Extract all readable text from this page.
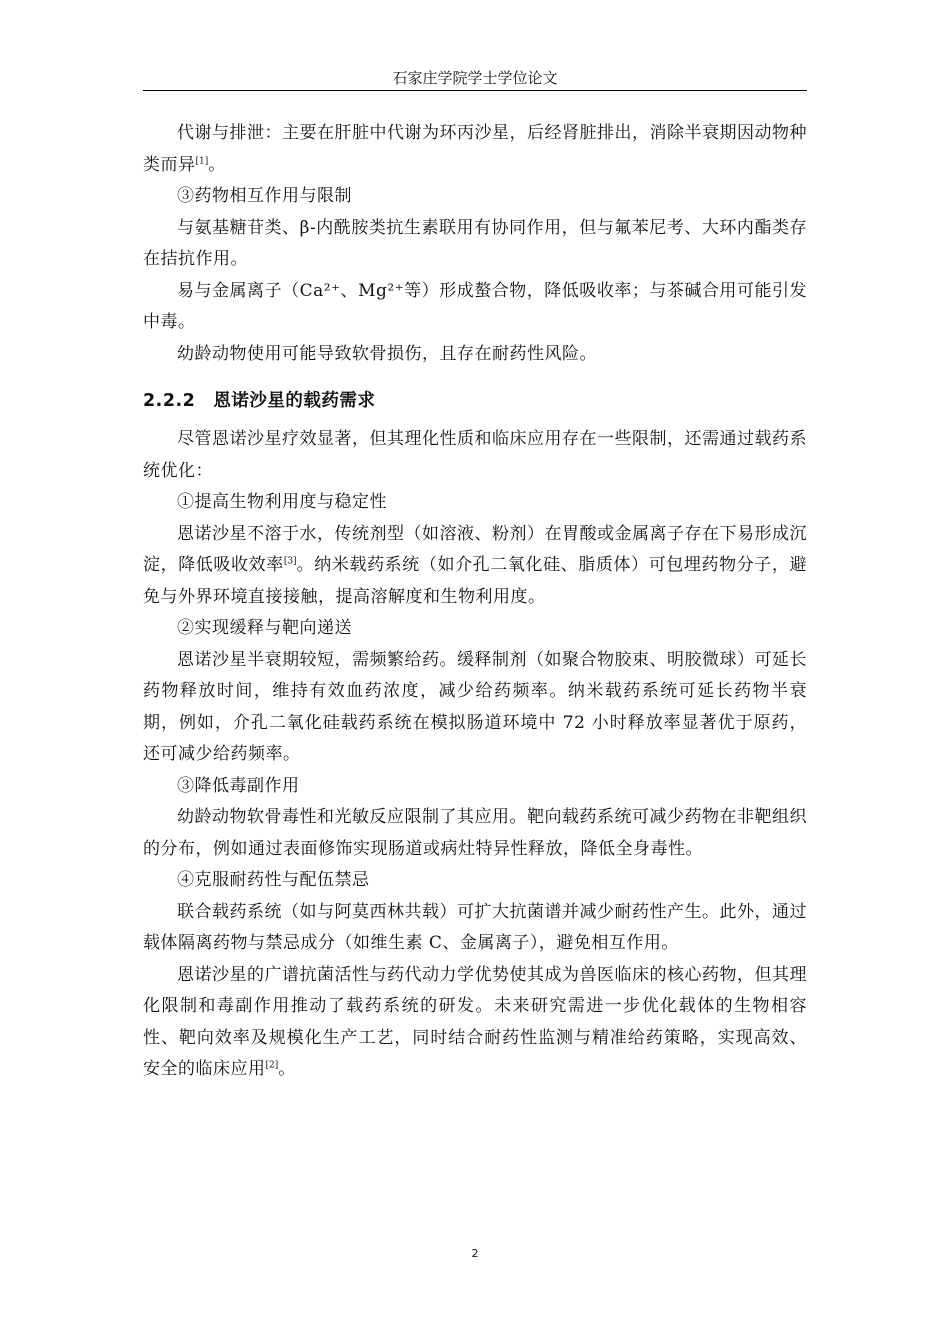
石家庄学院学士学位论文

代谢与排泄：主要在肝脏中代谢为环丙沙星，后经肾脏排出，消除半衰期因动物种类而异[1]。

③药物相互作用与限制

与氨基糖苷类、β-内酰胺类抗生素联用有协同作用，但与氟苯尼考、大环内酯类存在拮抗作用。

易与金属离子（Ca²⁺、Mg²⁺等）形成螯合物，降低吸收率；与茶碱合用可能引发中毒。

幼龄动物使用可能导致软骨损伤，且存在耐药性风险。

2.2.2 恩诺沙星的载药需求

尽管恩诺沙星疗效显著，但其理化性质和临床应用存在一些限制，还需通过载药系统优化：

①提高生物利用度与稳定性

恩诺沙星不溶于水，传统剂型（如溶液、粉剂）在胃酸或金属离子存在下易形成沉淀，降低吸收效率[3]。纳米载药系统（如介孔二氧化硅、脂质体）可包埋药物分子，避免与外界环境直接接触，提高溶解度和生物利用度。

②实现缓释与靶向递送

恩诺沙星半衰期较短，需频繁给药。缓释制剂（如聚合物胶束、明胶微球）可延长药物释放时间，维持有效血药浓度，减少给药频率。纳米载药系统可延长药物半衰期，例如，介孔二氧化硅载药系统在模拟肠道环境中 72 小时释放率显著优于原药，还可减少给药频率。

③降低毒副作用

幼龄动物软骨毒性和光敏反应限制了其应用。靶向载药系统可减少药物在非靶组织的分布，例如通过表面修饰实现肠道或病灶特异性释放，降低全身毒性。

④克服耐药性与配伍禁忌

联合载药系统（如与阿莫西林共载）可扩大抗菌谱并减少耐药性产生。此外，通过载体隔离药物与禁忌成分（如维生素 C、金属离子），避免相互作用。

恩诺沙星的广谱抗菌活性与药代动力学优势使其成为兽医临床的核心药物，但其理化限制和毒副作用推动了载药系统的研发。未来研究需进一步优化载体的生物相容性、靶向效率及规模化生产工艺，同时结合耐药性监测与精准给药策略，实现高效、安全的临床应用[2]。

2
